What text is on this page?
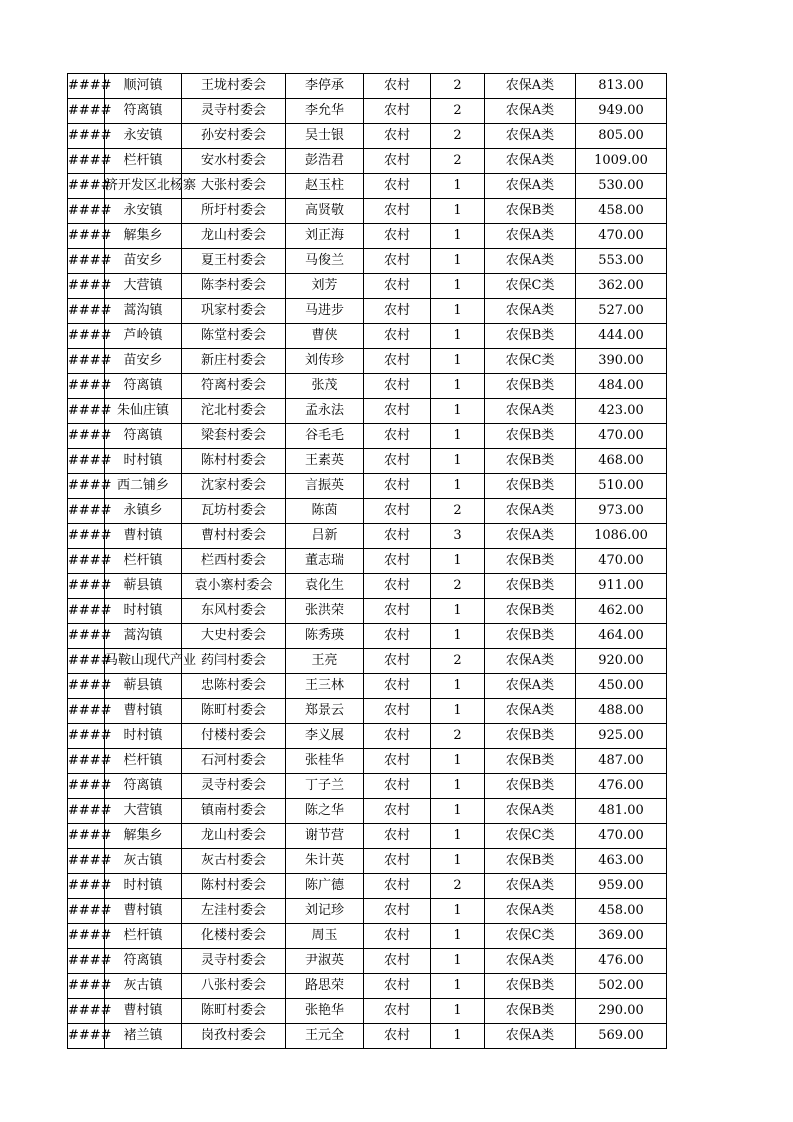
####	顺河镇	王垅村委会	李停承	农村	2	农保A类	813.00
####	符离镇	灵寺村委会	李允华	农村	2	农保A类	949.00
####	永安镇	孙安村委会	吴士银	农村	2	农保A类	805.00
####	栏杆镇	安水村委会	彭浩君	农村	2	农保A类	1009.00
####	济开发区北杨寨	大张村委会	赵玉柱	农村	1	农保A类	530.00
####	永安镇	所圩村委会	高贤敬	农村	1	农保B类	458.00
####	解集乡	龙山村委会	刘正海	农村	1	农保A类	470.00
####	苗安乡	夏王村委会	马俊兰	农村	1	农保A类	553.00
####	大营镇	陈李村委会	刘芳	农村	1	农保C类	362.00
####	蒿沟镇	巩家村委会	马进步	农村	1	农保A类	527.00
####	芦岭镇	陈堂村委会	曹侠	农村	1	农保B类	444.00
####	苗安乡	新庄村委会	刘传珍	农村	1	农保C类	390.00
####	符离镇	符离村委会	张茂	农村	1	农保B类	484.00
####	朱仙庄镇	沱北村委会	孟永法	农村	1	农保A类	423.00
####	符离镇	梁套村委会	谷毛毛	农村	1	农保B类	470.00
####	时村镇	陈村村委会	王素英	农村	1	农保B类	468.00
####	西二铺乡	沈家村委会	言振英	农村	1	农保B类	510.00
####	永镇乡	瓦坊村委会	陈茵	农村	2	农保A类	973.00
####	曹村镇	曹村村委会	吕新	农村	3	农保A类	1086.00
####	栏杆镇	栏西村委会	董志瑞	农村	1	农保B类	470.00
####	蕲县镇	袁小寨村委会	袁化生	农村	2	农保B类	911.00
####	时村镇	东风村委会	张洪荣	农村	1	农保B类	462.00
####	蒿沟镇	大史村委会	陈秀瑛	农村	1	农保B类	464.00
####	马鞍山现代产业	药闫村委会	王亮	农村	2	农保A类	920.00
####	蕲县镇	忠陈村委会	王三林	农村	1	农保A类	450.00
####	曹村镇	陈町村委会	郑景云	农村	1	农保A类	488.00
####	时村镇	付楼村委会	李义展	农村	2	农保B类	925.00
####	栏杆镇	石河村委会	张桂华	农村	1	农保B类	487.00
####	符离镇	灵寺村委会	丁子兰	农村	1	农保B类	476.00
####	大营镇	镇南村委会	陈之华	农村	1	农保A类	481.00
####	解集乡	龙山村委会	谢节营	农村	1	农保C类	470.00
####	灰古镇	灰古村委会	朱计英	农村	1	农保B类	463.00
####	时村镇	陈村村委会	陈广德	农村	2	农保A类	959.00
####	曹村镇	左洼村委会	刘记珍	农村	1	农保A类	458.00
####	栏杆镇	化楼村委会	周玉	农村	1	农保C类	369.00
####	符离镇	灵寺村委会	尹淑英	农村	1	农保A类	476.00
####	灰古镇	八张村委会	路思荣	农村	1	农保B类	502.00
####	曹村镇	陈町村委会	张艳华	农村	1	农保B类	290.00
####	褚兰镇	岗孜村委会	王元全	农村	1	农保A类	569.00
